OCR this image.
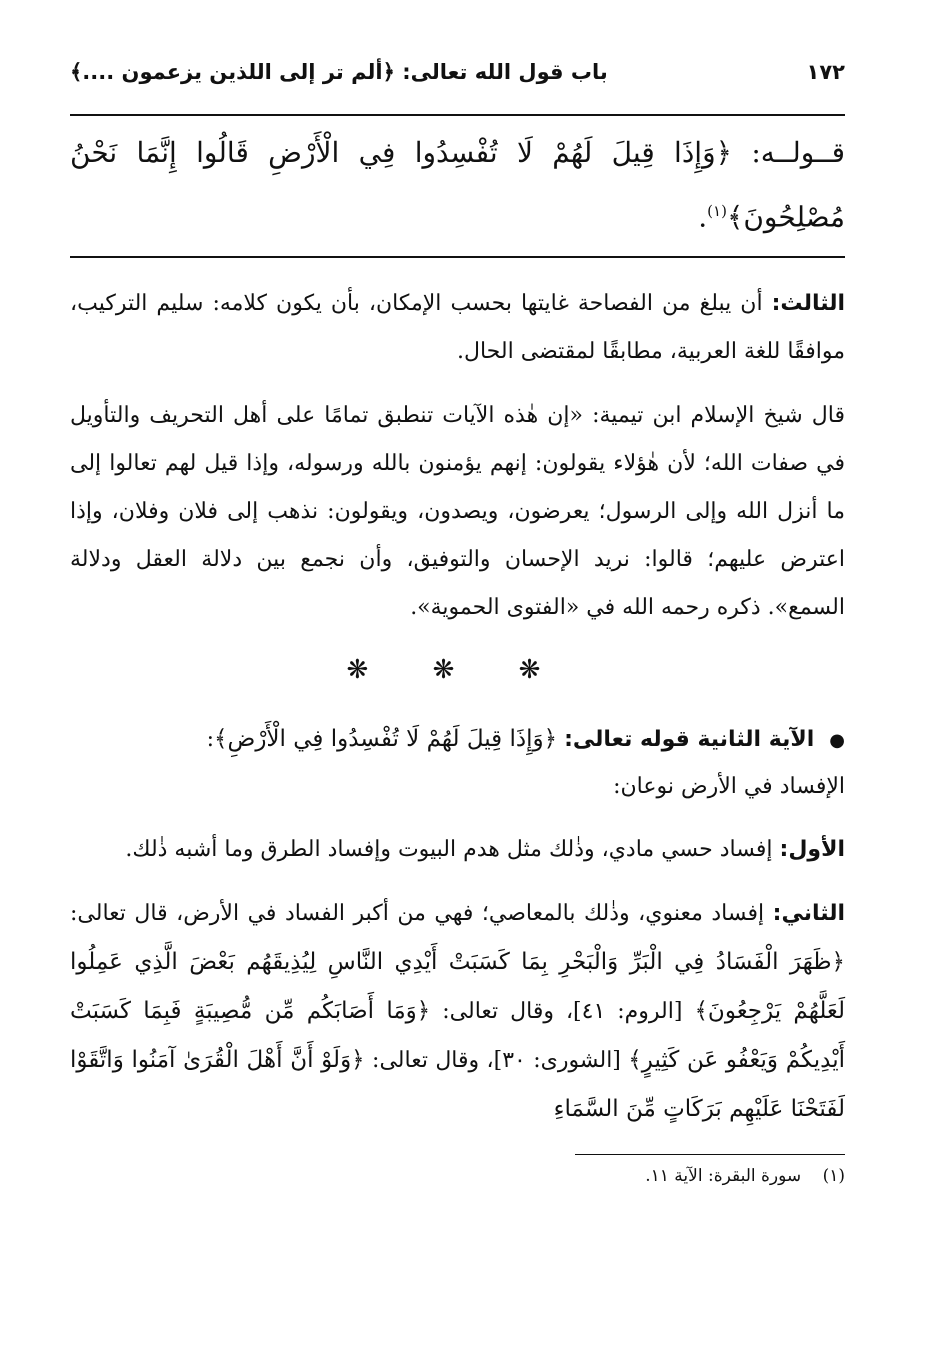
١٧٢
باب قول الله تعالى: ﴿ألم تر إلى اللذين يزعمون ....﴾
قــولــه: ﴿وَإِذَا قِيلَ لَهُمْ لَا تُفْسِدُوا فِي الْأَرْضِ قَالُوا إِنَّمَا نَحْنُ مُصْلِحُونَ﴾$^{(١)}$.

الثالث: أن يبلغ من الفصاحة غايتها بحسب الإمكان، بأن يكون كلامه: سليم التركيب، موافقًا للغة العربية، مطابقًا لمقتضى الحال.

قال شيخ الإسلام ابن تيمية: «إن هٰذه الآيات تنطبق تمامًا على أهل التحريف والتأويل في صفات الله؛ لأن هٰؤلاء يقولون: إنهم يؤمنون بالله ورسوله، وإذا قيل لهم تعالوا إلى ما أنزل الله وإلى الرسول؛ يعرضون، ويصدون، ويقولون: نذهب إلى فلان وفلان، وإذا اعترض عليهم؛ قالوا: نريد الإحسان والتوفيق، وأن نجمع بين دلالة العقل ودلالة السمع». ذكره رحمه الله في «الفتوى الحموية».

❋ ❋ ❋
● الآية الثانية قوله تعالى: ﴿وَإِذَا قِيلَ لَهُمْ لَا تُفْسِدُوا فِي الْأَرْضِ﴾:
الإفساد في الأرض نوعان:

الأول: إفساد حسي مادي، وذٰلك مثل هدم البيوت وإفساد الطرق وما أشبه ذٰلك.

الثاني: إفساد معنوي، وذٰلك بالمعاصي؛ فهي من أكبر الفساد في الأرض، قال تعالى: ﴿ظَهَرَ الْفَسَادُ فِي الْبَرِّ وَالْبَحْرِ بِمَا كَسَبَتْ أَيْدِي النَّاسِ لِيُذِيقَهُم بَعْضَ الَّذِي عَمِلُوا لَعَلَّهُمْ يَرْجِعُونَ﴾ [الروم: ٤١]، وقال تعالى: ﴿وَمَا أَصَابَكُم مِّن مُّصِيبَةٍ فَبِمَا كَسَبَتْ أَيْدِيكُمْ وَيَعْفُو عَن كَثِيرٍ﴾ [الشورى: ٣٠]، وقال تعالى: ﴿وَلَوْ أَنَّ أَهْلَ الْقُرَىٰ آمَنُوا وَاتَّقَوْا لَفَتَحْنَا عَلَيْهِم بَرَكَاتٍ مِّنَ السَّمَاءِ

(١) سورة البقرة: الآية ١١.
